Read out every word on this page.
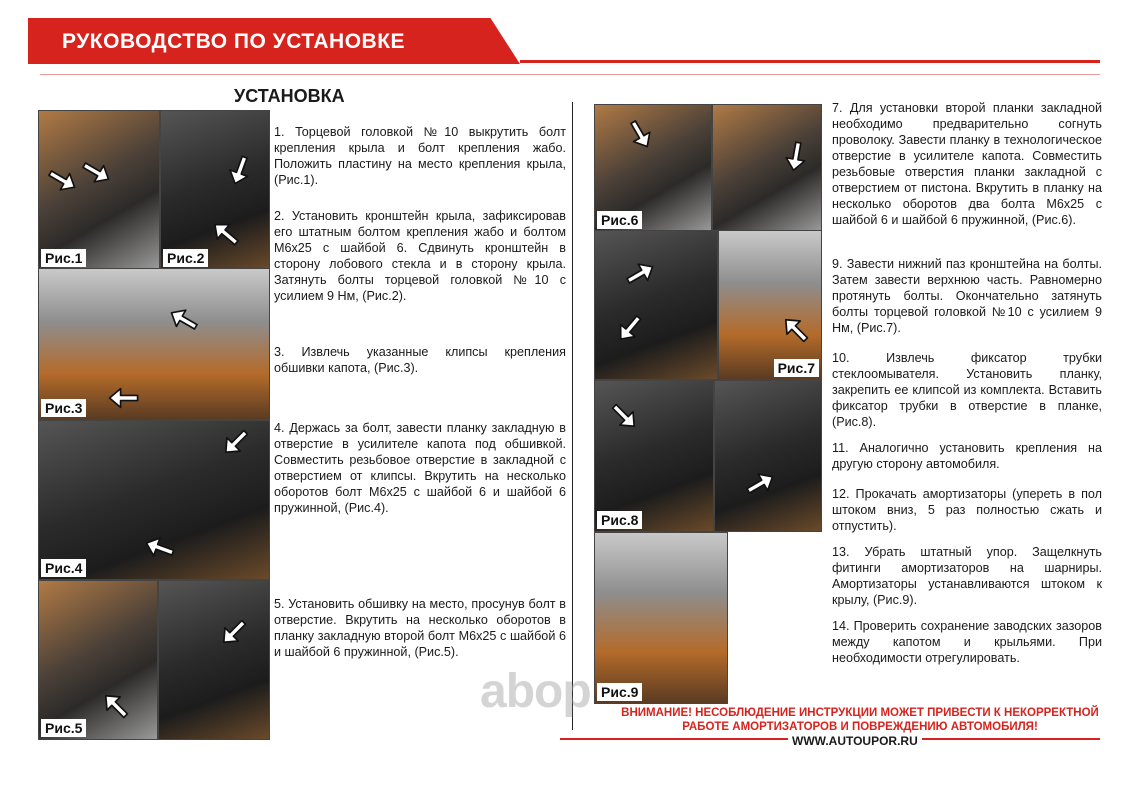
РУКОВОДСТВО ПО УСТАНОВКЕ
УСТАНОВКА
Рис.1	Рис.2
Рис.3
Рис.4
Рис.5
1. Торцевой головкой №10 выкрутить болт крепления крыла и болт крепления жабо. Положить пластину на место крепления крыла, (Рис.1).
2. Установить кронштейн крыла, зафиксировав его штатным болтом крепления жабо и болтом М6х25 с шайбой 6. Сдвинуть кронштейн в сторону лобового стекла и в сторону крыла. Затянуть болты торцевой головкой №10 с усилием 9 Нм, (Рис.2).
3. Извлечь указанные клипсы крепления обшивки капота, (Рис.3).
4. Держась за болт, завести планку закладную в отверстие в усилителе капота под обшивкой. Совместить резьбовое отверстие в закладной с отверстием от клипсы. Вкрутить на несколько оборотов болт М6х25 с шайбой 6 и шайбой 6 пружинной, (Рис.4).
5. Установить обшивку на место, просунув болт в отверстие. Вкрутить на несколько оборотов в планку закладную второй болт М6х25 с шайбой 6 и шайбой 6 пружинной, (Рис.5).
Рис.6
Рис.7
Рис.8
Рис.9
7. Для установки второй планки закладной необходимо предварительно согнуть проволоку. Завести планку в технологическое отверстие в усилителе капота. Совместить резьбовые отверстия планки закладной с отверстием от пистона. Вкрутить в планку на несколько оборотов два болта М6х25 с шайбой 6 и шайбой 6 пружинной, (Рис.6).
9. Завести нижний паз кронштейна на болты. Затем завести верхнюю часть. Равномерно протянуть болты. Окончательно затянуть болты торцевой головкой №10 с усилием 9 Нм, (Рис.7).
10. Извлечь фиксатор трубки стеклоомывателя. Установить планку, закрепить ее клипсой из комплекта. Вставить фиксатор трубки в отверстие в планке, (Рис.8).
11. Аналогично установить крепления на другую сторону автомобиля.
12. Прокачать амортизаторы (упереть в пол штоком вниз, 5 раз полностью сжать и отпустить).
13. Убрать штатный упор. Защелкнуть фитинги амортизаторов на шарниры. Амортизаторы устанавливаются штоком к крылу, (Рис.9).
14. Проверить сохранение заводских зазоров между капотом и крыльями. При необходимости отрегулировать.
аbор	ВНИМАНИЕ! НЕСОБЛЮДЕНИЕ ИНСТРУКЦИИ МОЖЕТ ПРИВЕСТИ К НЕКОРРЕКТНОЙ
РАБОТЕ АМОРТИЗАТОРОВ И ПОВРЕЖДЕНИЮ АВТОМОБИЛЯ!
WWW.AUTOUPOR.RU
